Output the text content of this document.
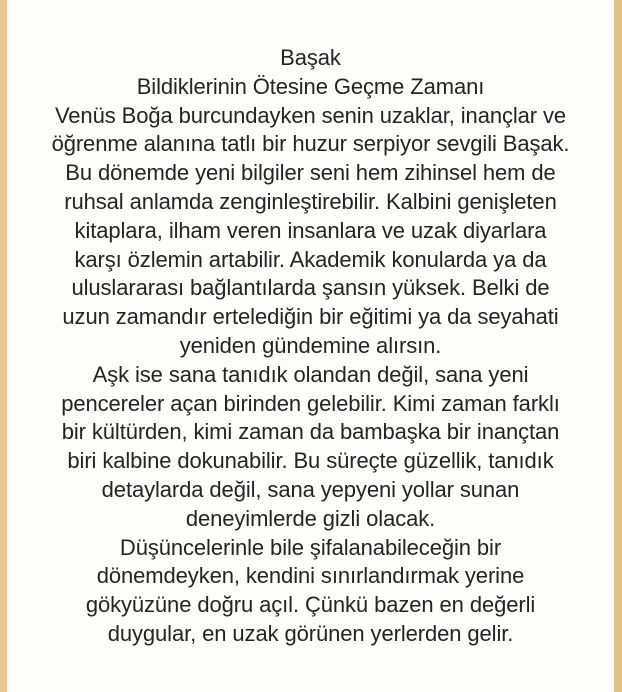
Başak
Bildiklerinin Ötesine Geçme Zamanı
Venüs Boğa burcundayken senin uzaklar, inançlar ve
öğrenme alanına tatlı bir huzur serpiyor sevgili Başak.
Bu dönemde yeni bilgiler seni hem zihinsel hem de
ruhsal anlamda zenginleştirebilir. Kalbini genişleten
kitaplara, ilham veren insanlara ve uzak diyarlara
karşı özlemin artabilir. Akademik konularda ya da
uluslararası bağlantılarda şansın yüksek. Belki de
uzun zamandır ertelediğin bir eğitimi ya da seyahati
yeniden gündemine alırsın.
Aşk ise sana tanıdık olandan değil, sana yeni
pencereler açan birinden gelebilir. Kimi zaman farklı
bir kültürden, kimi zaman da bambaşka bir inançtan
biri kalbine dokunabilir. Bu süreçte güzellik, tanıdık
detaylarda değil, sana yepyeni yollar sunan
deneyimlerde gizli olacak.
Düşüncelerinle bile şifalanabileceğin bir
dönemdeyken, kendini sınırlandırmak yerine
gökyüzüne doğru açıl. Çünkü bazen en değerli
duygular, en uzak görünen yerlerden gelir.
